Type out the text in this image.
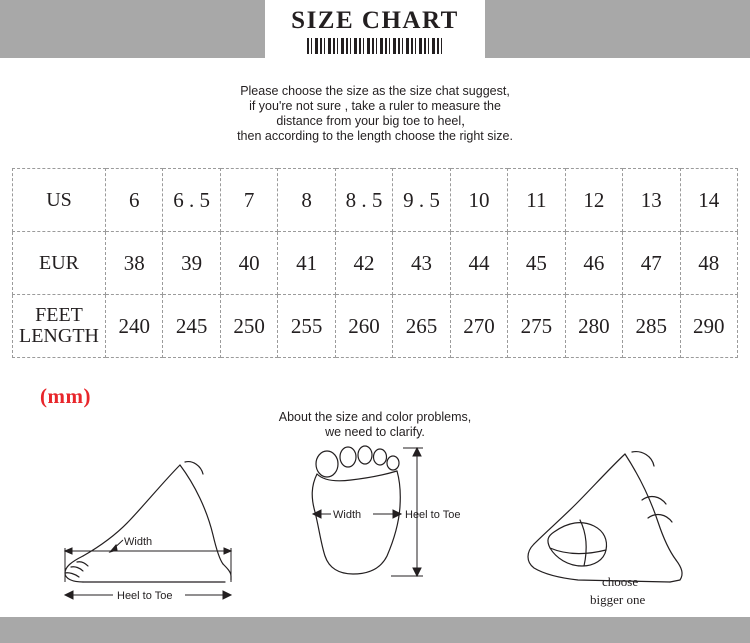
SIZE CHART
Please choose the size as the size chat suggest,
if you're not sure , take a ruler to measure the
distance from your big toe to heel，
then according to the length choose the right size.
US	6	6 . 5	7	8	8 . 5	9 . 5	10	11	12	13	14
EUR	38	39	40	41	42	43	44	45	46	47	48
FEET LENGTH	240	245	250	255	260	265	270	275	280	285	290
(mm)
About the size and color problems,
we need to clarify.
Width
Heel to Toe
Width	Heel to Toe
choose
bigger one
